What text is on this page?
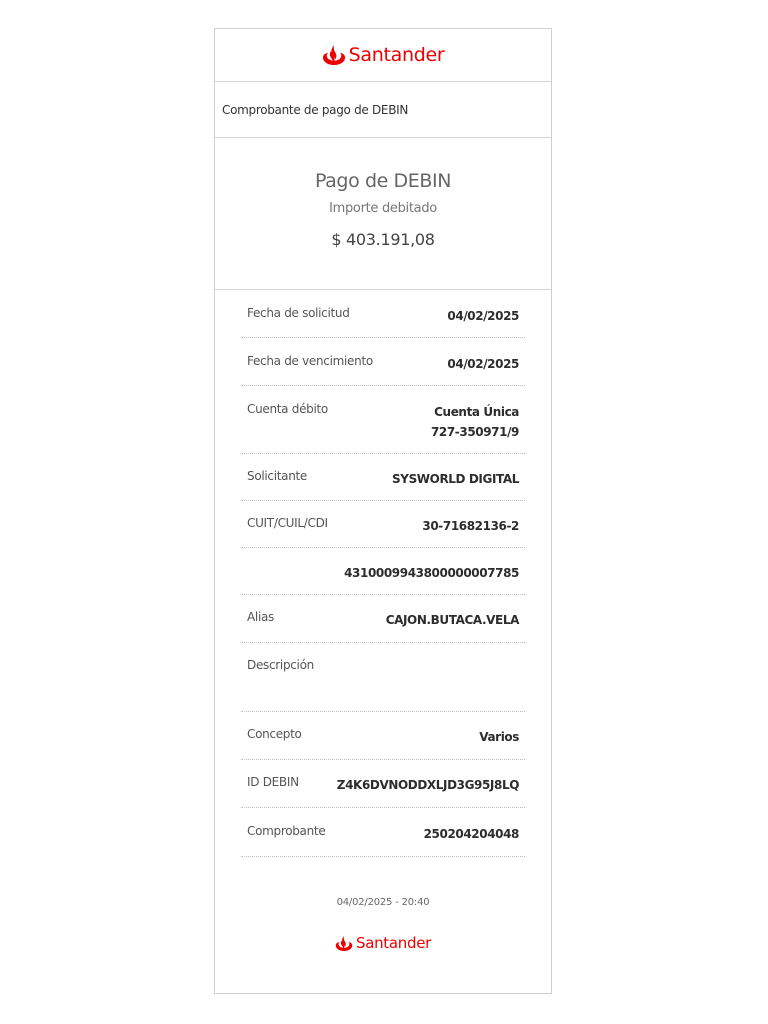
Santander
Comprobante de pago de DEBIN
Pago de DEBIN
Importe debitado
$ 403.191,08
Fecha de solicitud	04/02/2025
Fecha de vencimiento	04/02/2025
Cuenta débito	Cuenta Única
727-350971/9
Solicitante	SYSWORLD DIGITAL
CUIT/CUIL/CDI	30-71682136-2
4310009943800000007785
Alias	CAJON.BUTACA.VELA
Descripción
Concepto	Varios
ID DEBIN	Z4K6DVNODDXLJD3G95J8LQ
Comprobante	250204204048
04/02/2025 - 20:40
Santander
